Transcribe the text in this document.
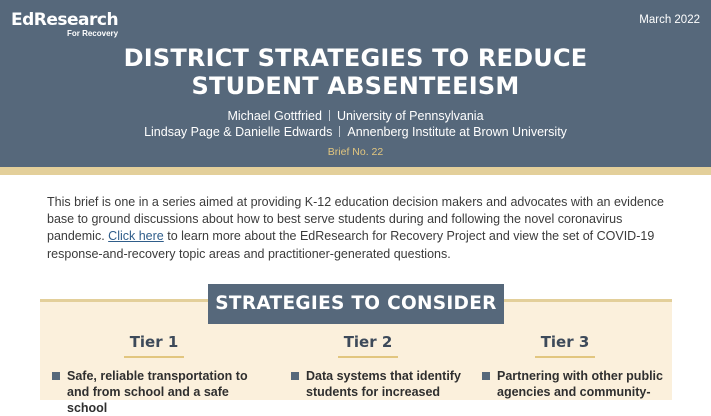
EdResearch
For Recovery
March 2022
DISTRICT STRATEGIES TO REDUCE
STUDENT ABSENTEEISM
Michael Gottfried University of Pennsylvania
Lindsay Page & Danielle Edwards Annenberg Institute at Brown University
Brief No. 22
This brief is one in a series aimed at providing K-12 education decision makers and advocates with an evidence base to ground discussions about how to best serve students during and following the novel coronavirus pandemic. Click here to learn more about the EdResearch for Recovery Project and view the set of COVID-19 response-and-recovery topic areas and practitioner-generated questions.
STRATEGIES TO CONSIDER
Tier 1
Safe, reliable transportation to and from school and a safe school
Tier 2
Data systems that identify students for increased
Tier 3
Partnering with other public agencies and community-
